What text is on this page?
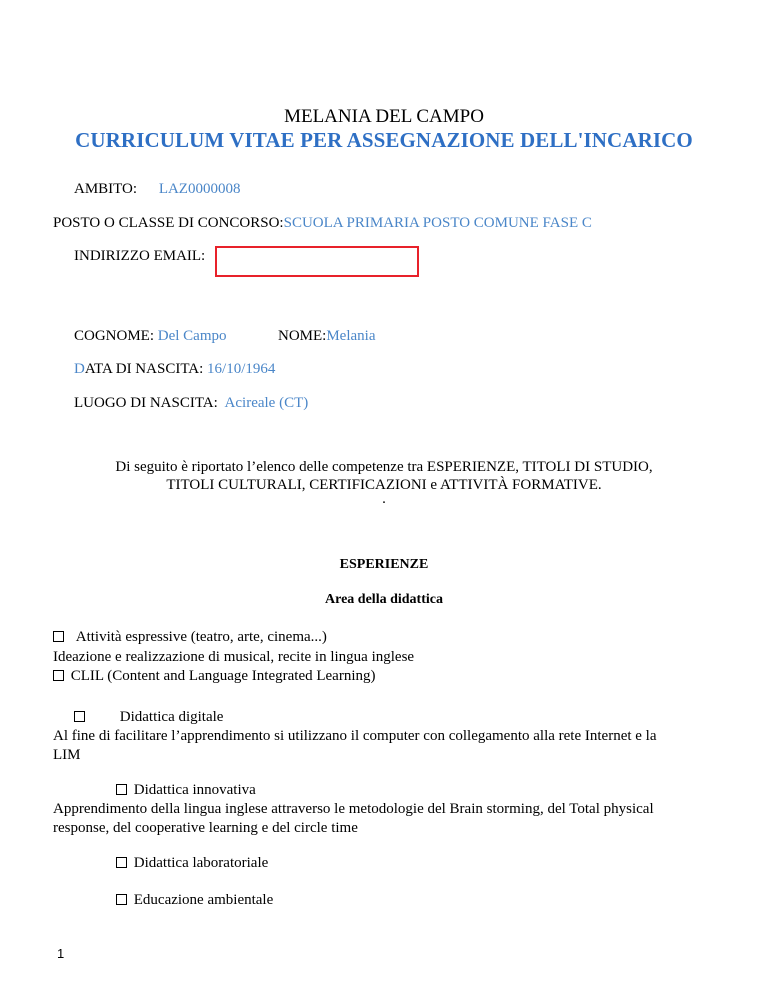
MELANIA DEL CAMPO
CURRICULUM VITAE PER ASSEGNAZIONE DELL'INCARICO
AMBITO: LAZ0000008
POSTO O CLASSE DI CONCORSO:SCUOLA PRIMARIA POSTO COMUNE FASE C
INDIRIZZO EMAIL:
COGNOME: Del Campo	NOME:Melania
DATA DI NASCITA: 16/10/1964
LUOGO DI NASCITA: Acireale (CT)
Di seguito è riportato l’elenco delle competenze tra ESPERIENZE, TITOLI DI STUDIO,
TITOLI CULTURALI, CERTIFICAZIONI e ATTIVITÀ FORMATIVE.
.
ESPERIENZE
Area della didattica
Attività espressive (teatro, arte, cinema...)
Ideazione e realizzazione di musical, recite in lingua inglese
CLIL (Content and Language Integrated Learning)
Didattica digitale
Al fine di facilitare l’apprendimento si utilizzano il computer con collegamento alla rete Internet e la
LIM
Didattica innovativa
Apprendimento della lingua inglese attraverso le metodologie del Brain storming, del Total physical
response, del cooperative learning e del circle time
Didattica laboratoriale
Educazione ambientale
1
